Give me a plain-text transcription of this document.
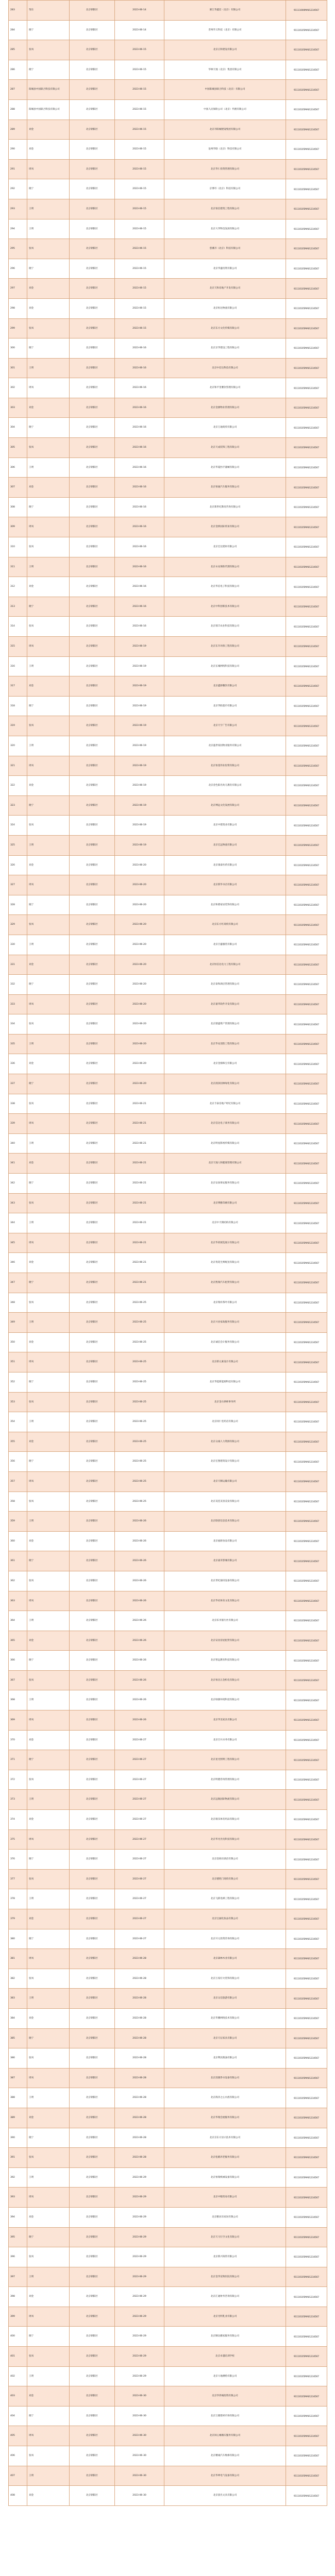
283	邹东	北京朝阳区	2023-06-14	浙江华鑫信（北京）有限公司	91111000MA01234567
284	晓宁	北京朝阳区	2023-06-14	晋州华义科技（北京）有限公司	91110105MA01234567
285	张凤	北京朝阳区	2023-06-15	北京正和建设有限公司	91110105MA01234567
286	晓宁	北京朝阳区	2023-06-15	华林天地（北京）集团有限公司	91110105MA01234567
287	阳城县中国联合科技有限公司	北京朝阳区	2023-06-15	中国阳城县联合科技（北京）有限公司	91110105MA01234567
288	阳城县中国联合科技有限公司	北京朝阳区	2023-06-15	中国人民保险公司（北京）代理有限公司	91110105MA01234567
289	刘金	北京朝阳区	2023-06-15	北京市阳城建设集团有限公司	91110105MA01234567
290	刘金	北京朝阳区	2023-06-15	沧州华联（北京）科技有限公司	91110105MA01234567
291	周凤	北京朝阳区	2023-06-15	北京华仁投资管理有限公司	91110105MA01234567
292	晓宁	北京朝阳区	2023-06-15	京博市（北京）科技有限公司	91110105MA01234567
293	王明	北京朝阳区	2023-06-15	北京恒信建筑工程有限公司	91110105MA01234567
294	王明	北京朝阳区	2023-06-15	北京大华科技发展有限公司	91110105MA01234567
295	张凤	北京朝阳区	2023-06-15	慈溪市（北京）科技有限公司	91110105MA01234567
296	晓宁	北京朝阳区	2023-06-15	北京华盛投资有限公司	91110105MA01234567
297	刘金	北京朝阳区	2023-06-15	北京天和房地产开发有限公司	91110105MA01234567
298	刘金	北京朝阳区	2023-06-15	北京恒达物流有限公司	91110105MA01234567
299	张凤	北京朝阳区	2023-06-15	北京东方文化传媒有限公司	91110105MA01234567
300	晓宁	北京朝阳区	2023-06-16	北京京华建设工程有限公司	91110105MA01234567
301	王明	北京朝阳区	2023-06-16	北京中信达科技有限公司	91110105MA01234567
302	周凤	北京朝阳区	2023-06-16	北京和平里餐饮管理有限公司	91110105MA01234567
303	刘金	北京朝阳区	2023-06-16	北京金源物业管理有限公司	91110105MA01234567
304	晓宁	北京朝阳区	2023-06-16	北京万通商贸有限公司	91110105MA01234567
305	张凤	北京朝阳区	2023-06-16	北京天成装饰工程有限公司	91110105MA01234567
306	王明	北京朝阳区	2023-06-16	北京华夏医疗器械有限公司	91110105MA01234567
307	刘金	北京朝阳区	2023-06-16	北京恒通汽车服务有限公司	91110105MA01234567
308	晓宁	北京朝阳区	2023-06-16	北京新世纪教育咨询有限公司	91110105MA01234567
309	周凤	北京朝阳区	2023-06-16	北京金桥国际贸易有限公司	91110105MA01234567
310	张凤	北京朝阳区	2023-06-16	北京宏达建材有限公司	91110105MA01234567
311	王明	北京朝阳区	2023-06-16	北京永安保险代理有限公司	91110105MA01234567
312	刘金	北京朝阳区	2023-06-16	北京华信电子科技有限公司	91110105MA01234567
313	晓宁	北京朝阳区	2023-06-16	北京中科创新技术有限公司	91110105MA01234567
314	张凤	北京朝阳区	2023-06-16	北京瑞丰农业科技有限公司	91110105MA01234567
315	周凤	北京朝阳区	2023-06-19	北京东升环保工程有限公司	91110105MA01234567
316	王明	北京朝阳区	2023-06-19	北京长城网络科技有限公司	91110105MA01234567
317	刘金	北京朝阳区	2023-06-19	北京鑫源餐饮有限公司	91110105MA01234567
318	晓宁	北京朝阳区	2023-06-19	北京华联超市有限公司	91110105MA01234567
319	张凤	北京朝阳区	2023-06-19	北京天宇广告有限公司	91110105MA01234567
320	王明	北京朝阳区	2023-06-19	北京盛世家园物业服务有限公司	91110105MA01234567
321	周凤	北京朝阳区	2023-06-19	北京恒基伟业投资有限公司	91110105MA01234567
322	刘金	北京朝阳区	2023-06-19	北京金色阳光幼儿教育有限公司	91110105MA01234567
323	晓宁	北京朝阳区	2023-06-19	北京博远文化发展有限公司	91110105MA01234567
324	张凤	北京朝阳区	2023-06-19	北京中建筑业有限公司	91110105MA01234567
325	王明	北京朝阳区	2023-06-19	北京宏远物流有限公司	91110105MA01234567
326	刘金	北京朝阳区	2023-06-20	北京康泰医药有限公司	91110105MA01234567
327	周凤	北京朝阳区	2023-06-20	北京新华书店有限公司	91110105MA01234567
328	晓宁	北京朝阳区	2023-06-20	北京和谐家居装饰有限公司	91110105MA01234567
329	张凤	北京朝阳区	2023-06-20	北京东方红商贸有限公司	91110105MA01234567
330	王明	北京朝阳区	2023-06-20	北京百盛服装有限公司	91110105MA01234567
331	刘金	北京朝阳区	2023-06-20	北京恒信达电力工程有限公司	91110105MA01234567
332	晓宁	北京朝阳区	2023-06-20	北京泰和酒店管理有限公司	91110105MA01234567
333	周凤	北京朝阳区	2023-06-20	北京嘉华软件开发有限公司	91110105MA01234567
334	张凤	北京朝阳区	2023-06-20	北京鼎盛资产管理有限公司	91110105MA01234567
335	王明	北京朝阳区	2023-06-20	北京华安消防工程有限公司	91110105MA01234567
336	刘金	北京朝阳区	2023-06-20	北京金鼎珠宝有限公司	91110105MA01234567
337	晓宁	北京朝阳区	2023-06-20	北京润泽园林绿化有限公司	91110105MA01234567
338	张凤	北京朝阳区	2023-06-21	北京丰泰房地产经纪有限公司	91110105MA01234567
339	周凤	北京朝阳区	2023-06-21	北京信达电子商务有限公司	91110105MA01234567
340	王明	北京朝阳区	2023-06-21	北京明星影视传媒有限公司	91110105MA01234567
341	刘金	北京朝阳区	2023-06-21	北京天地人和健康管理有限公司	91110105MA01234567
342	晓宁	北京朝阳区	2023-06-21	北京安泰保安服务有限公司	91110105MA01234567
343	张凤	北京朝阳区	2023-06-21	北京博雅印刷有限公司	91110105MA01234567
344	王明	北京朝阳区	2023-06-21	北京中天钢结构有限公司	91110105MA01234567
345	周凤	北京朝阳区	2023-06-21	北京华彩展览展示有限公司	91110105MA01234567
346	刘金	北京朝阳区	2023-06-21	北京优选生鲜配送有限公司	91110105MA01234567
347	晓宁	北京朝阳区	2023-06-21	北京凯瑞汽车租赁有限公司	91110105MA01234567
348	张凤	北京朝阳区	2023-06-25	北京瑞祥茶叶有限公司	91110105MA01234567
349	王明	北京朝阳区	2023-06-25	北京兴业家政服务有限公司	91110105MA01234567
350	刘金	北京朝阳区	2023-06-25	北京诚信会计服务有限公司	91110105MA01234567
351	周凤	北京朝阳区	2023-06-25	北京新元素设计有限公司	91110105MA01234567
352	晓宁	北京朝阳区	2023-06-25	北京华能新能源科技有限公司	91110105MA01234567
353	张凤	北京朝阳区	2023-06-25	北京金石律师事务所	91110105MA01234567
354	王明	北京朝阳区	2023-06-25	北京同仁堂药店有限公司	91110105MA01234567
355	刘金	北京朝阳区	2023-06-25	北京众诚人力资源有限公司	91110105MA01234567
356	晓宁	北京朝阳区	2023-06-25	北京宏图建筑设计有限公司	91110105MA01234567
357	周凤	北京朝阳区	2023-06-25	北京天顺运输有限公司	91110105MA01234567
358	张凤	北京朝阳区	2023-06-25	北京美佳美容美发有限公司	91110105MA01234567
359	王明	北京朝阳区	2023-06-26	北京联创信息技术有限公司	91110105MA01234567
360	刘金	北京朝阳区	2023-06-26	北京福源食品有限公司	91110105MA01234567
361	晓宁	北京朝阳区	2023-06-26	北京嘉禾影城有限公司	91110105MA01234567
362	张凤	北京朝阳区	2023-06-26	北京世纪通讯设备有限公司	91110105MA01234567
363	周凤	北京朝阳区	2023-06-26	北京华谊体育文化有限公司	91110105MA01234567
364	王明	北京朝阳区	2023-06-26	北京乐享旅行社有限公司	91110105MA01234567
365	刘金	北京朝阳区	2023-06-26	北京安居房屋租赁有限公司	91110105MA01234567
366	晓宁	北京朝阳区	2023-06-26	北京智远教育科技有限公司	91110105MA01234567
367	张凤	北京朝阳区	2023-06-26	北京恒昌五金机电有限公司	91110105MA01234567
368	王明	北京朝阳区	2023-06-26	北京绿源环境科技有限公司	91110105MA01234567
369	周凤	北京朝阳区	2023-06-26	北京华美家具有限公司	91110105MA01234567
370	刘金	北京朝阳区	2023-06-27	北京百川水务有限公司	91110105MA01234567
371	晓宁	北京朝阳区	2023-06-27	北京星光照明工程有限公司	91110105MA01234567
372	张凤	北京朝阳区	2023-06-27	北京明德咨询管理有限公司	91110105MA01234567
373	王明	北京朝阳区	2023-06-27	北京远航国际物流有限公司	91110105MA01234567
374	刘金	北京朝阳区	2023-06-27	北京康乐体育用品有限公司	91110105MA01234567
375	周凤	北京朝阳区	2023-06-27	北京华光光电科技有限公司	91110105MA01234567
376	晓宁	北京朝阳区	2023-06-27	北京金海岸酒店有限公司	91110105MA01234567
377	张凤	北京朝阳区	2023-06-27	北京德胜门商贸有限公司	91110105MA01234567
378	王明	北京朝阳区	2023-06-27	北京飞跃电梯工程有限公司	91110105MA01234567
379	刘金	北京朝阳区	2023-06-27	北京宝丽化妆品有限公司	91110105MA01234567
380	晓宁	北京朝阳区	2023-06-27	北京开元投资咨询有限公司	91110105MA01234567
381	周凤	北京朝阳区	2023-06-28	北京森林木业有限公司	91110105MA01234567
382	张凤	北京朝阳区	2023-06-28	北京万家灯火装饰有限公司	91110105MA01234567
383	王明	北京朝阳区	2023-06-28	北京众信旅游有限公司	91110105MA01234567
384	刘金	北京朝阳区	2023-06-28	北京华腾网络技术有限公司	91110105MA01234567
385	晓宁	北京朝阳区	2023-06-28	北京天坛家具有限公司	91110105MA01234567
386	张凤	北京朝阳区	2023-06-28	北京利民粮油有限公司	91110105MA01234567
387	周凤	北京朝阳区	2023-06-28	北京清源净水设备有限公司	91110105MA01234567
388	王明	北京朝阳区	2023-06-28	北京海洋之心水族有限公司	91110105MA01234567
389	刘金	北京朝阳区	2023-06-28	北京华瑞会展服务有限公司	91110105MA01234567
390	晓宁	北京朝阳区	2023-06-28	北京京东方显示技术有限公司	91110105MA01234567
391	张凤	北京朝阳区	2023-06-28	北京松鹤养老服务有限公司	91110105MA01234567
392	王明	北京朝阳区	2023-06-29	北京恒瑞机械设备有限公司	91110105MA01234567
393	周凤	北京朝阳区	2023-06-29	北京中粮贸易有限公司	91110105MA01234567
394	刘金	北京朝阳区	2023-06-29	北京雅居乐家居有限公司	91110105MA01234567
395	晓宁	北京朝阳区	2023-06-29	北京天马行空文化有限公司	91110105MA01234567
396	张凤	北京朝阳区	2023-06-29	北京新兴铸管有限公司	91110105MA01234567
397	王明	北京朝阳区	2023-06-29	北京金华宠物医院有限公司	91110105MA01234567
398	刘金	北京朝阳区	2023-06-29	北京汇通财务咨询有限公司	91110105MA01234567
399	周凤	北京朝阳区	2023-06-29	北京光明乳业有限公司	91110105MA01234567
400	晓宁	北京朝阳区	2023-06-29	北京顺达搬家服务有限公司	91110105MA01234567
401	张凤	北京朝阳区	2023-06-29	北京卓越培训学校	91110105MA01234567
402	王明	北京朝阳区	2023-06-29	北京大地测绘有限公司	91110105MA01234567
403	刘金	北京朝阳区	2023-06-30	北京华侨城投资有限公司	91110105MA01234567
404	晓宁	北京朝阳区	2023-06-30	北京万隆建材市场有限公司	91110105MA01234567
405	周凤	北京朝阳区	2023-06-30	北京同心缘婚庆服务有限公司	91110105MA01234567
406	张凤	北京朝阳区	2023-06-30	北京精诚汽车维修有限公司	91110105MA01234567
407	王明	北京朝阳区	2023-06-30	北京华坤电气设备有限公司	91110105MA01234567
408	刘金	北京朝阳区	2023-06-30	北京晨光文具有限公司	91110105MA01234567
